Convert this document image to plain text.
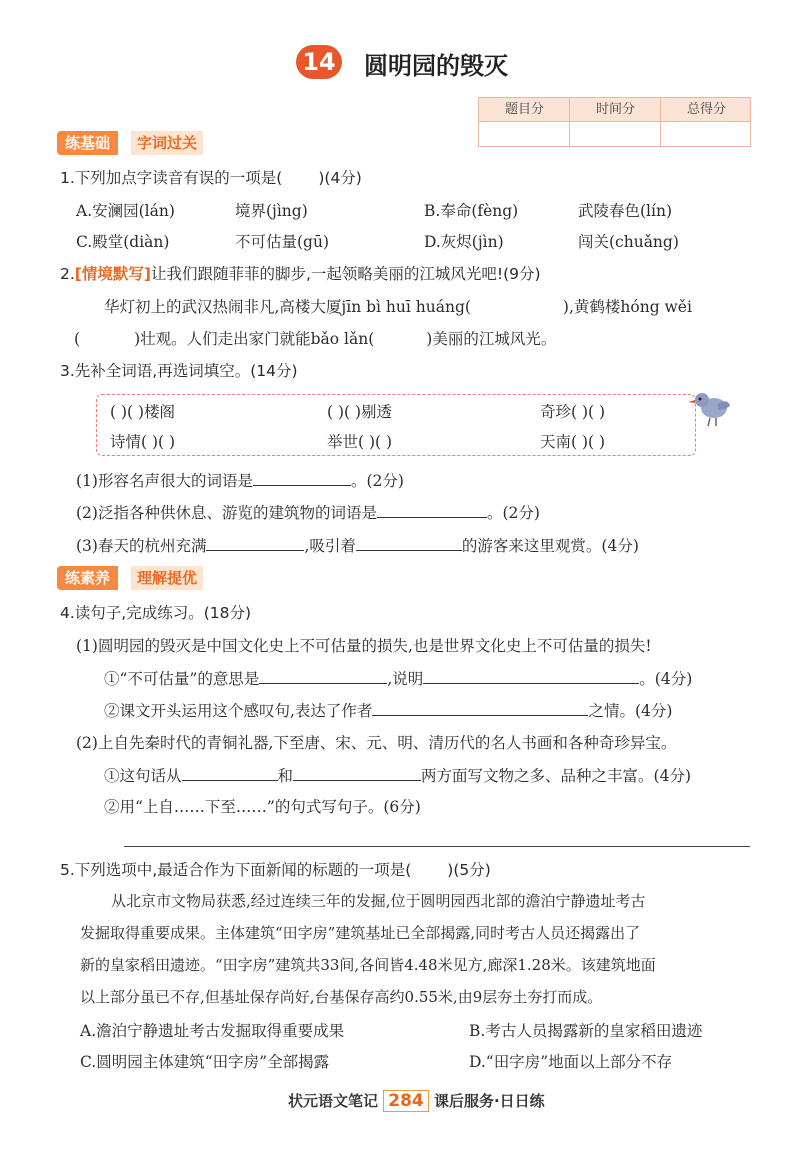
14 圆明园的毁灭
题目分	时间分	总得分
练基础	字词过关
1.下列加点字读音有误的一项是( )(4分)
A.安澜园(lán)	境界(jìng)	B.奉命(fèng)	武陵春色(lín)
C.殿堂(diàn)	不可估量(gū)	D.灰烬(jìn)	闯关(chuǎng)
2.[情境默写]让我们跟随菲菲的脚步,一起领略美丽的江城风光吧!(9分)
华灯初上的武汉热闹非凡,高楼大厦jīn bì huī huáng(	),黄鹤楼hóng wěi
(	)壮观。人们走出家门就能bǎo lǎn(	)美丽的江城风光。
3.先补全词语,再选词填空。(14分)
( )( )楼阁	( )( )剔透	奇珍( )( )
诗情( )( )	举世( )( )	天南( )( )
(1)形容名声很大的词语是	。(2分)
(2)泛指各种供休息、游览的建筑物的词语是	。(2分)
(3)春天的杭州充满	,吸引着	的游客来这里观赏。(4分)
练素养	理解提优
4.读句子,完成练习。(18分)
(1)圆明园的毁灭是中国文化史上不可估量的损失,也是世界文化史上不可估量的损失!
①“不可估量”的意思是	,说明	。(4分)
②课文开头运用这个感叹句,表达了作者	之情。(4分)
(2)上自先秦时代的青铜礼器,下至唐、宋、元、明、清历代的名人书画和各种奇珍异宝。
①这句话从	和	两方面写文物之多、品种之丰富。(4分)
②用“上自……下至……”的句式写句子。(6分)
5.下列选项中,最适合作为下面新闻的标题的一项是( )(5分)
从北京市文物局获悉,经过连续三年的发掘,位于圆明园西北部的澹泊宁静遗址考古
发掘取得重要成果。主体建筑“田字房”建筑基址已全部揭露,同时考古人员还揭露出了
新的皇家稻田遗迹。“田字房”建筑共33间,各间皆4.48米见方,廊深1.28米。该建筑地面
以上部分虽已不存,但基址保存尚好,台基保存高约0.55米,由9层夯土夯打而成。
A.澹泊宁静遗址考古发掘取得重要成果	B.考古人员揭露新的皇家稻田遗迹
C.圆明园主体建筑“田字房”全部揭露	D.“田字房”地面以上部分不存
状元语文笔记 284 课后服务·日日练
